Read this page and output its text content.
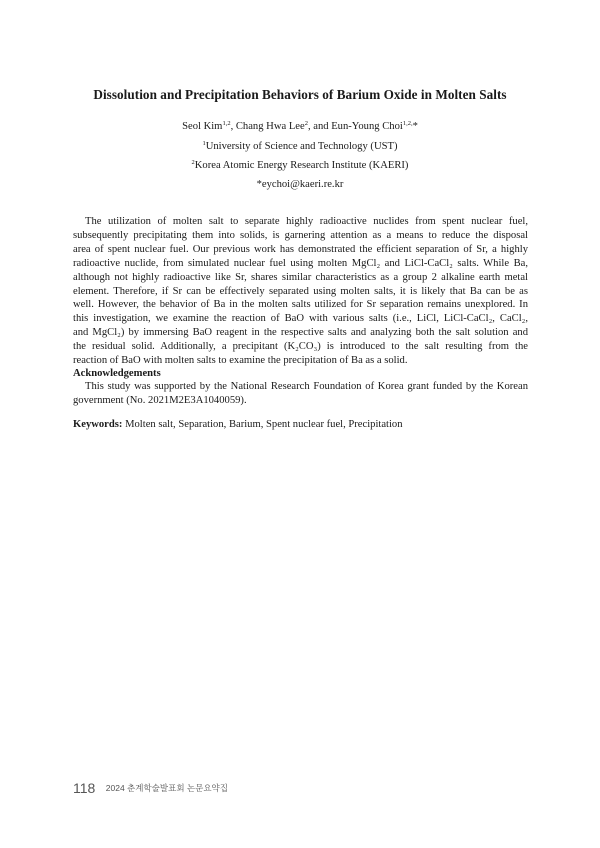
Dissolution and Precipitation Behaviors of Barium Oxide in Molten Salts
Seol Kim$^{1,2}$, Chang Hwa Lee$^2$, and Eun-Young Choi$^{1,2,}$*
$^1$University of Science and Technology (UST)
$^2$Korea Atomic Energy Research Institute (KAERI)
*eychoi@kaeri.re.kr
The utilization of molten salt to separate highly radioactive nuclides from spent nuclear fuel,
subsequently precipitating them into solids, is garnering attention as a means to reduce the disposal
area of spent nuclear fuel. Our previous work has demonstrated the efficient separation of Sr, a highly
radioactive nuclide, from simulated nuclear fuel using molten MgCl₂ and LiCl-CaCl₂ salts. While Ba,
although not highly radioactive like Sr, shares similar characteristics as a group 2 alkaline earth metal
element. Therefore, if Sr can be effectively separated using molten salts, it is likely that Ba can be as
well. However, the behavior of Ba in the molten salts utilized for Sr separation remains unexplored. In
this investigation, we examine the reaction of BaO with various salts (i.e., LiCl, LiCl-CaCl₂, CaCl₂,
and MgCl₂) by immersing BaO reagent in the respective salts and analyzing both the salt solution and
the residual solid. Additionally, a precipitant (K₂CO₃) is introduced to the salt resulting from the
reaction of BaO with molten salts to examine the precipitation of Ba as a solid.
Acknowledgements
This study was supported by the National Research Foundation of Korea grant funded by the Korean
government (No. 2021M2E3A1040059).
Keywords: Molten salt, Separation, Barium, Spent nuclear fuel, Precipitation
118 2024 춘계학술발표회 논문요약집
